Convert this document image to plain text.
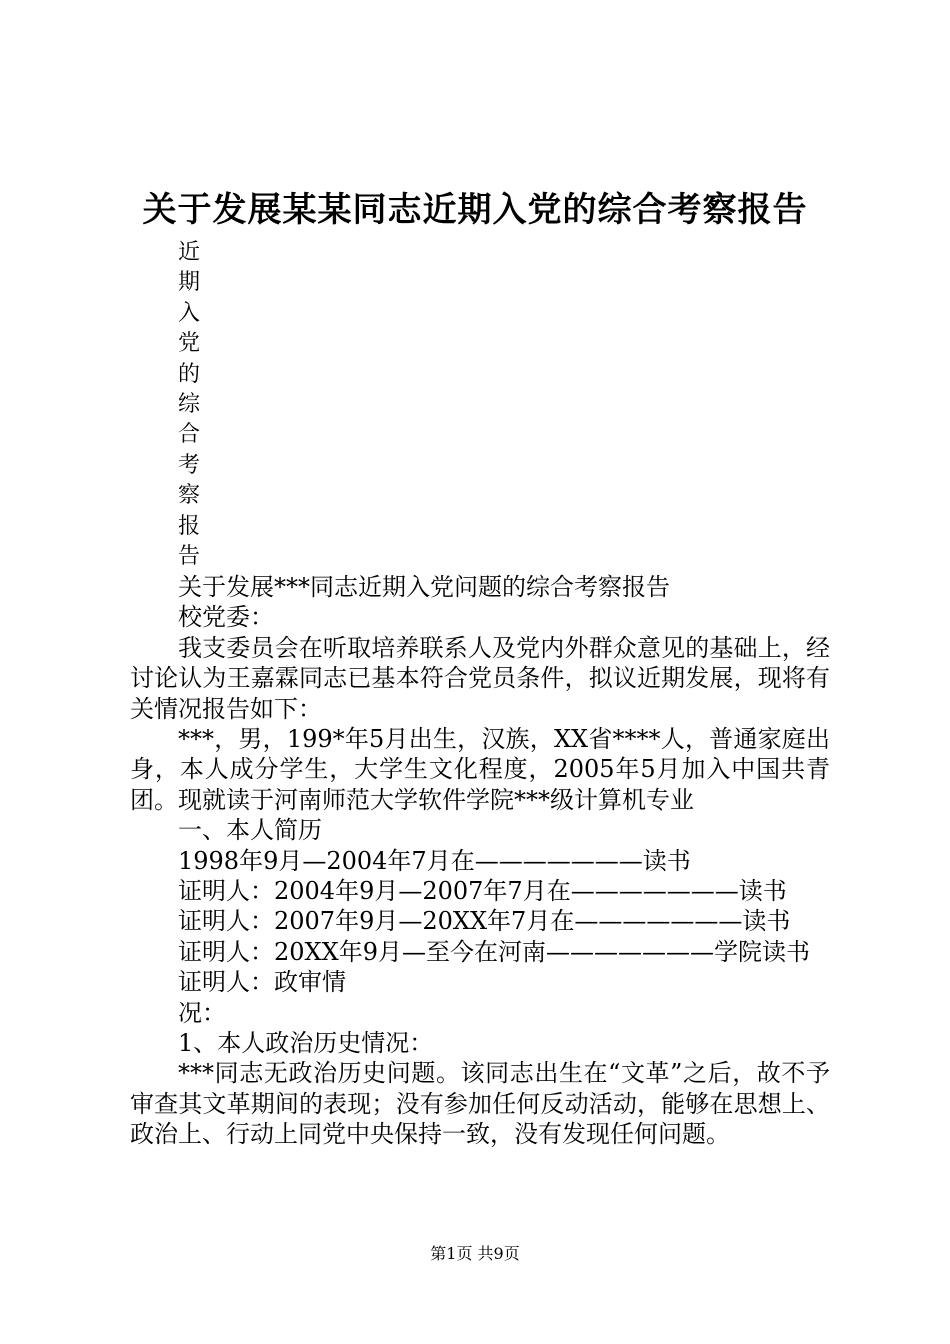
关于发展某某同志近期入党的综合考察报告
近
期
入
党
的
综
合
考
察
报
告
关于发展***同志近期入党问题的综合考察报告
校党委：
我支委员会在听取培养联系人及党内外群众意见的基础上，经讨论认为王嘉霖同志已基本符合党员条件，拟议近期发展，现将有关情况报告如下：
***，男，199*年5月出生，汉族，XX省****人，普通家庭出身，本人成分学生，大学生文化程度，2005年5月加入中国共青团。现就读于河南师范大学软件学院***级计算机专业
一、本人简历
1998年9月—2004年7月在———————读书
证明人：2004年9月—2007年7月在———————读书
证明人：2007年9月—20XX年7月在———————读书
证明人：20XX年9月—至今在河南———————学院读书
证明人：政审情
况：
1、本人政治历史情况：
***同志无政治历史问题。该同志出生在“文革”之后，故不予审查其文革期间的表现；没有参加任何反动活动，能够在思想上、政治上、行动上同党中央保持一致，没有发现任何问题。
第1页 共9页
